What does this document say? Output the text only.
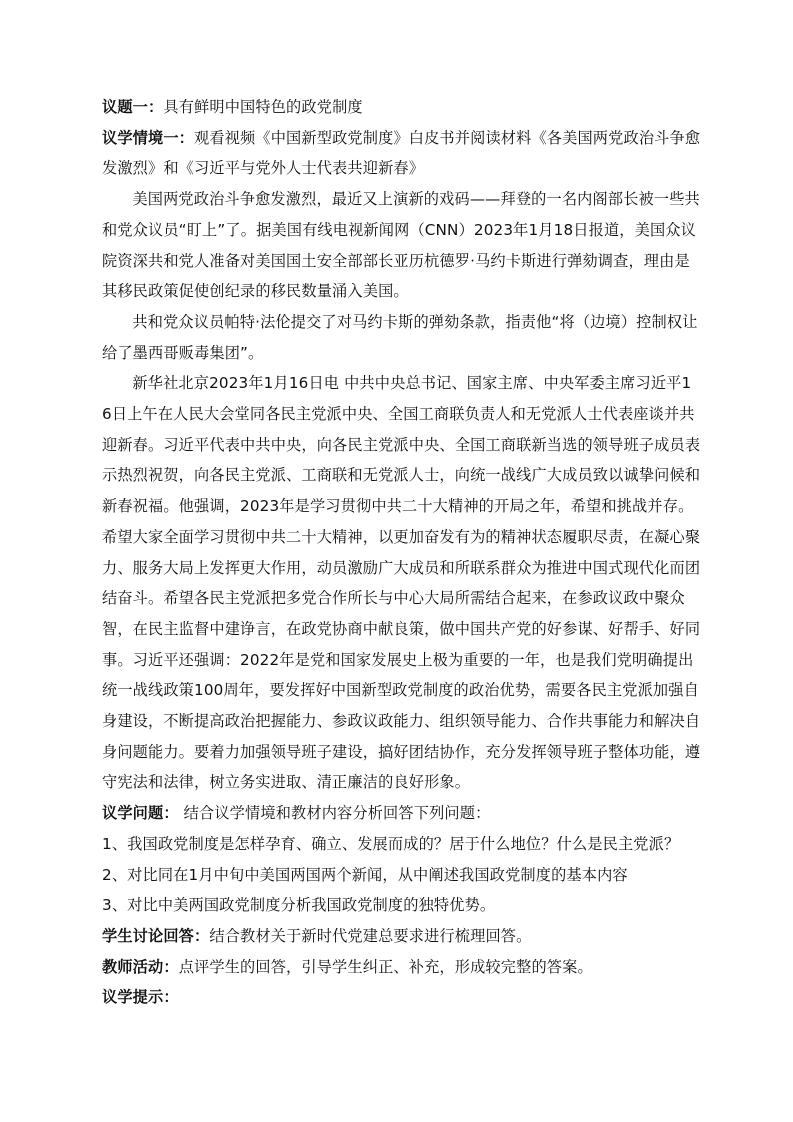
议题一：具有鲜明中国特色的政党制度

议学情境一：观看视频《中国新型政党制度》白皮书并阅读材料《各美国两党政治斗争愈发激烈》和《习近平与党外人士代表共迎新春》

美国两党政治斗争愈发激烈，最近又上演新的戏码——拜登的一名内阁部长被一些共和党众议员“盯上”了。据美国有线电视新闻网（CNN）2023年1月18日报道，美国众议院资深共和党人准备对美国国土安全部部长亚历杭德罗·马约卡斯进行弹劾调查，理由是其移民政策促使创纪录的移民数量涌入美国。

共和党众议员帕特·法伦提交了对马约卡斯的弹劾条款，指责他“将（边境）控制权让给了墨西哥贩毒集团”。

新华社北京2023年1月16日电 中共中央总书记、国家主席、中央军委主席习近平16日上午在人民大会堂同各民主党派中央、全国工商联负责人和无党派人士代表座谈并共迎新春。习近平代表中共中央，向各民主党派中央、全国工商联新当选的领导班子成员表示热烈祝贺，向各民主党派、工商联和无党派人士，向统一战线广大成员致以诚挚问候和新春祝福。他强调，2023年是学习贯彻中共二十大精神的开局之年，希望和挑战并存。希望大家全面学习贯彻中共二十大精神，以更加奋发有为的精神状态履职尽责，在凝心聚力、服务大局上发挥更大作用，动员激励广大成员和所联系群众为推进中国式现代化而团结奋斗。希望各民主党派把多党合作所长与中心大局所需结合起来，在参政议政中聚众智，在民主监督中建诤言，在政党协商中献良策，做中国共产党的好参谋、好帮手、好同事。习近平还强调：2022年是党和国家发展史上极为重要的一年，也是我们党明确提出统一战线政策100周年，要发挥好中国新型政党制度的政治优势，需要各民主党派加强自身建设，不断提高政治把握能力、参政议政能力、组织领导能力、合作共事能力和解决自身问题能力。要着力加强领导班子建设，搞好团结协作，充分发挥领导班子整体功能，遵守宪法和法律，树立务实进取、清正廉洁的良好形象。

议学问题： 结合议学情境和教材内容分析回答下列问题：

1、我国政党制度是怎样孕育、确立、发展而成的？居于什么地位？什么是民主党派？

2、对比同在1月中旬中美国两国两个新闻，从中阐述我国政党制度的基本内容

3、对比中美两国政党制度分析我国政党制度的独特优势。

学生讨论回答：结合教材关于新时代党建总要求进行梳理回答。

教师活动：点评学生的回答，引导学生纠正、补充，形成较完整的答案。

议学提示：
